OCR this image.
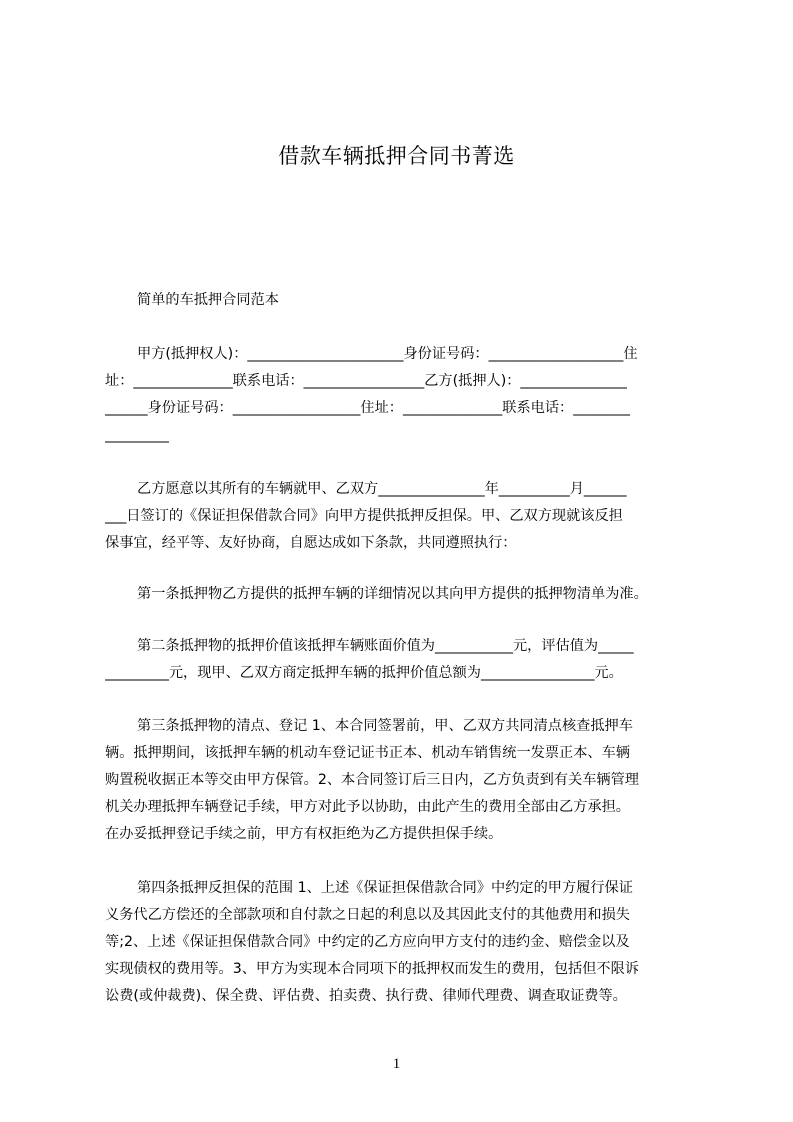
借款车辆抵押合同书菁选
简单的车抵押合同范本
甲方(抵押权人)：______________________身份证号码：___________________住
址：______________联系电话：_________________乙方(抵押人)：_______________
______身份证号码：__________________住址：______________联系电话：________
_________
乙方愿意以其所有的车辆就甲、乙双方_______________年__________月______
___日签订的《保证担保借款合同》向甲方提供抵押反担保。甲、乙双方现就该反担
保事宜，经平等、友好协商，自愿达成如下条款，共同遵照执行：
第一条抵押物乙方提供的抵押车辆的详细情况以其向甲方提供的抵押物清单为准。
第二条抵押物的抵押价值该抵押车辆账面价值为___________元，评估值为_____
_________元，现甲、乙双方商定抵押车辆的抵押价值总额为________________元。
第三条抵押物的清点、登记 1、本合同签署前，甲、乙双方共同清点核查抵押车
辆。抵押期间，该抵押车辆的机动车登记证书正本、机动车销售统一发票正本、车辆
购置税收据正本等交由甲方保管。2、本合同签订后三日内，乙方负责到有关车辆管理
机关办理抵押车辆登记手续，甲方对此予以协助，由此产生的费用全部由乙方承担。
在办妥抵押登记手续之前，甲方有权拒绝为乙方提供担保手续。
第四条抵押反担保的范围 1、上述《保证担保借款合同》中约定的甲方履行保证
义务代乙方偿还的全部款项和自付款之日起的利息以及其因此支付的其他费用和损失
等;2、上述《保证担保借款合同》中约定的乙方应向甲方支付的违约金、赔偿金以及
实现债权的费用等。3、甲方为实现本合同项下的抵押权而发生的费用，包括但不限诉
讼费(或仲裁费)、保全费、评估费、拍卖费、执行费、律师代理费、调查取证费等。
1
